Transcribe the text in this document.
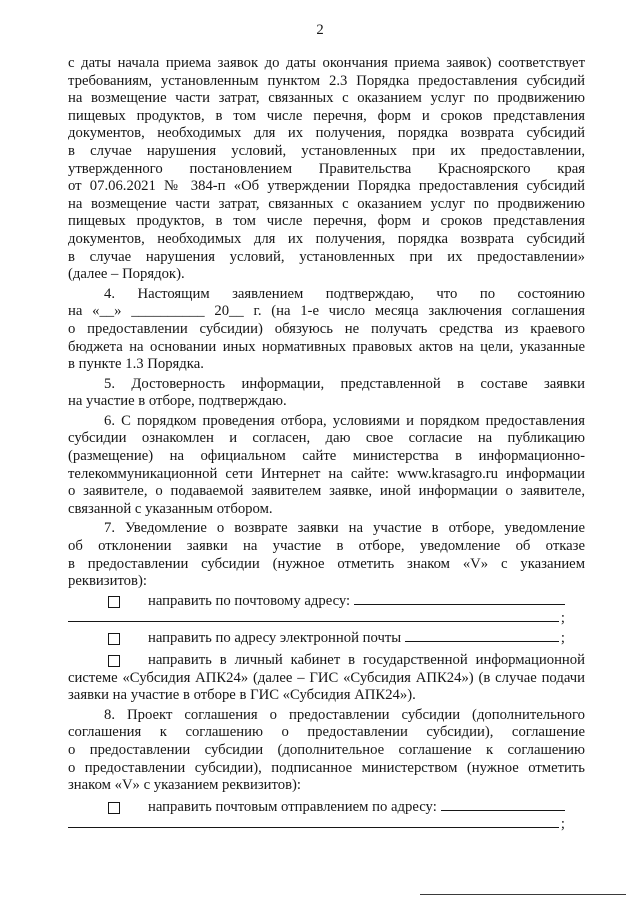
2
с даты начала приема заявок до даты окончания приема заявок) соответствует
требованиям, установленным пунктом 2.3 Порядка предоставления субсидий
на возмещение части затрат, связанных с оказанием услуг по продвижению
пищевых продуктов, в том числе перечня, форм и сроков представления
документов, необходимых для их получения, порядка возврата субсидий
в случае нарушения условий, установленных при их предоставлении,
утвержденного постановлением Правительства Красноярского края
от 07.06.2021 № 384-п «Об утверждении Порядка предоставления субсидий
на возмещение части затрат, связанных с оказанием услуг по продвижению
пищевых продуктов, в том числе перечня, форм и сроков представления
документов, необходимых для их получения, порядка возврата субсидий
в случае нарушения условий, установленных при их предоставлении»
(далее – Порядок).
4. Настоящим заявлением подтверждаю, что по состоянию
на «__» __________ 20__ г. (на 1-е число месяца заключения соглашения
о предоставлении субсидии) обязуюсь не получать средства из краевого
бюджета на основании иных нормативных правовых актов на цели, указанные
в пункте 1.3 Порядка.
5. Достоверность информации, представленной в составе заявки
на участие в отборе, подтверждаю.
6. С порядком проведения отбора, условиями и порядком предоставления
субсидии ознакомлен и согласен, даю свое согласие на публикацию
(размещение) на официальном сайте министерства в информационно-
телекоммуникационной сети Интернет на сайте: www.krasagro.ru информации
о заявителе, о подаваемой заявителем заявке, иной информации о заявителе,
связанной с указанным отбором.
7. Уведомление о возврате заявки на участие в отборе, уведомление
об отклонении заявки на участие в отборе, уведомление об отказе
в предоставлении субсидии (нужное отметить знаком «V» с указанием
реквизитов):
направить по почтовому адресу:
;
направить по адресу электронной почты	;
направить в личный кабинет в государственной информационной
системе «Субсидия АПК24» (далее – ГИС «Субсидия АПК24») (в случае подачи
заявки на участие в отборе в ГИС «Субсидия АПК24»).
8. Проект соглашения о предоставлении субсидии (дополнительного
соглашения к соглашению о предоставлении субсидии), соглашение
о предоставлении субсидии (дополнительное соглашение к соглашению
о предоставлении субсидии), подписанное министерством (нужное отметить
знаком «V» с указанием реквизитов):
направить почтовым отправлением по адресу:
;
